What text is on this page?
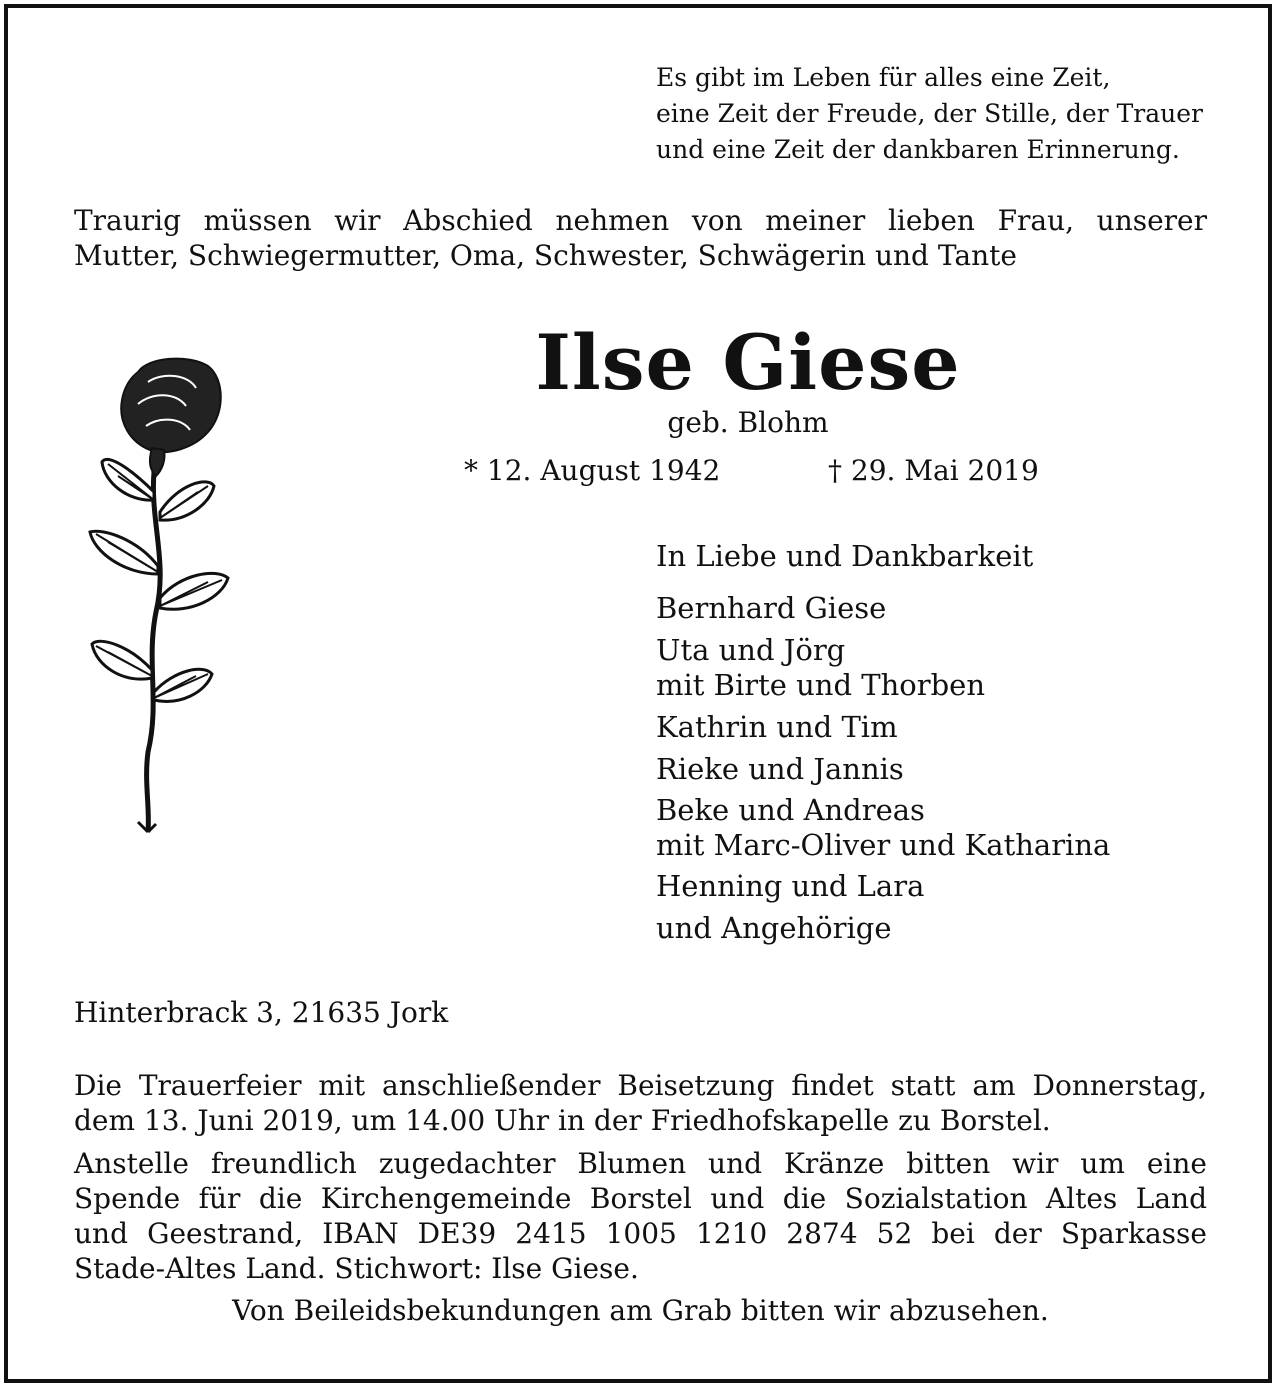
Es gibt im Leben für alles eine Zeit,
eine Zeit der Freude, der Stille, der Trauer
und eine Zeit der dankbaren Erinnerung.
Traurig müssen wir Abschied nehmen von meiner lieben Frau, unserer
Mutter, Schwiegermutter, Oma, Schwester, Schwägerin und Tante
Ilse Giese
geb. Blohm
* 12. August 1942	† 29. Mai 2019
In Liebe und Dankbarkeit
Bernhard Giese
Uta und Jörg
mit Birte und Thorben
Kathrin und Tim
Rieke und Jannis
Beke und Andreas
mit Marc-Oliver und Katharina
Henning und Lara
und Angehörige
Hinterbrack 3, 21635 Jork
Die Trauerfeier mit anschließender Beisetzung findet statt am Donnerstag,
dem 13. Juni 2019, um 14.00 Uhr in der Friedhofskapelle zu Borstel.
Anstelle freundlich zugedachter Blumen und Kränze bitten wir um eine
Spende für die Kirchengemeinde Borstel und die Sozialstation Altes Land
und Geestrand, IBAN DE39 2415 1005 1210 2874 52 bei der Sparkasse
Stade-Altes Land. Stichwort: Ilse Giese.
Von Beileidsbekundungen am Grab bitten wir abzusehen.
